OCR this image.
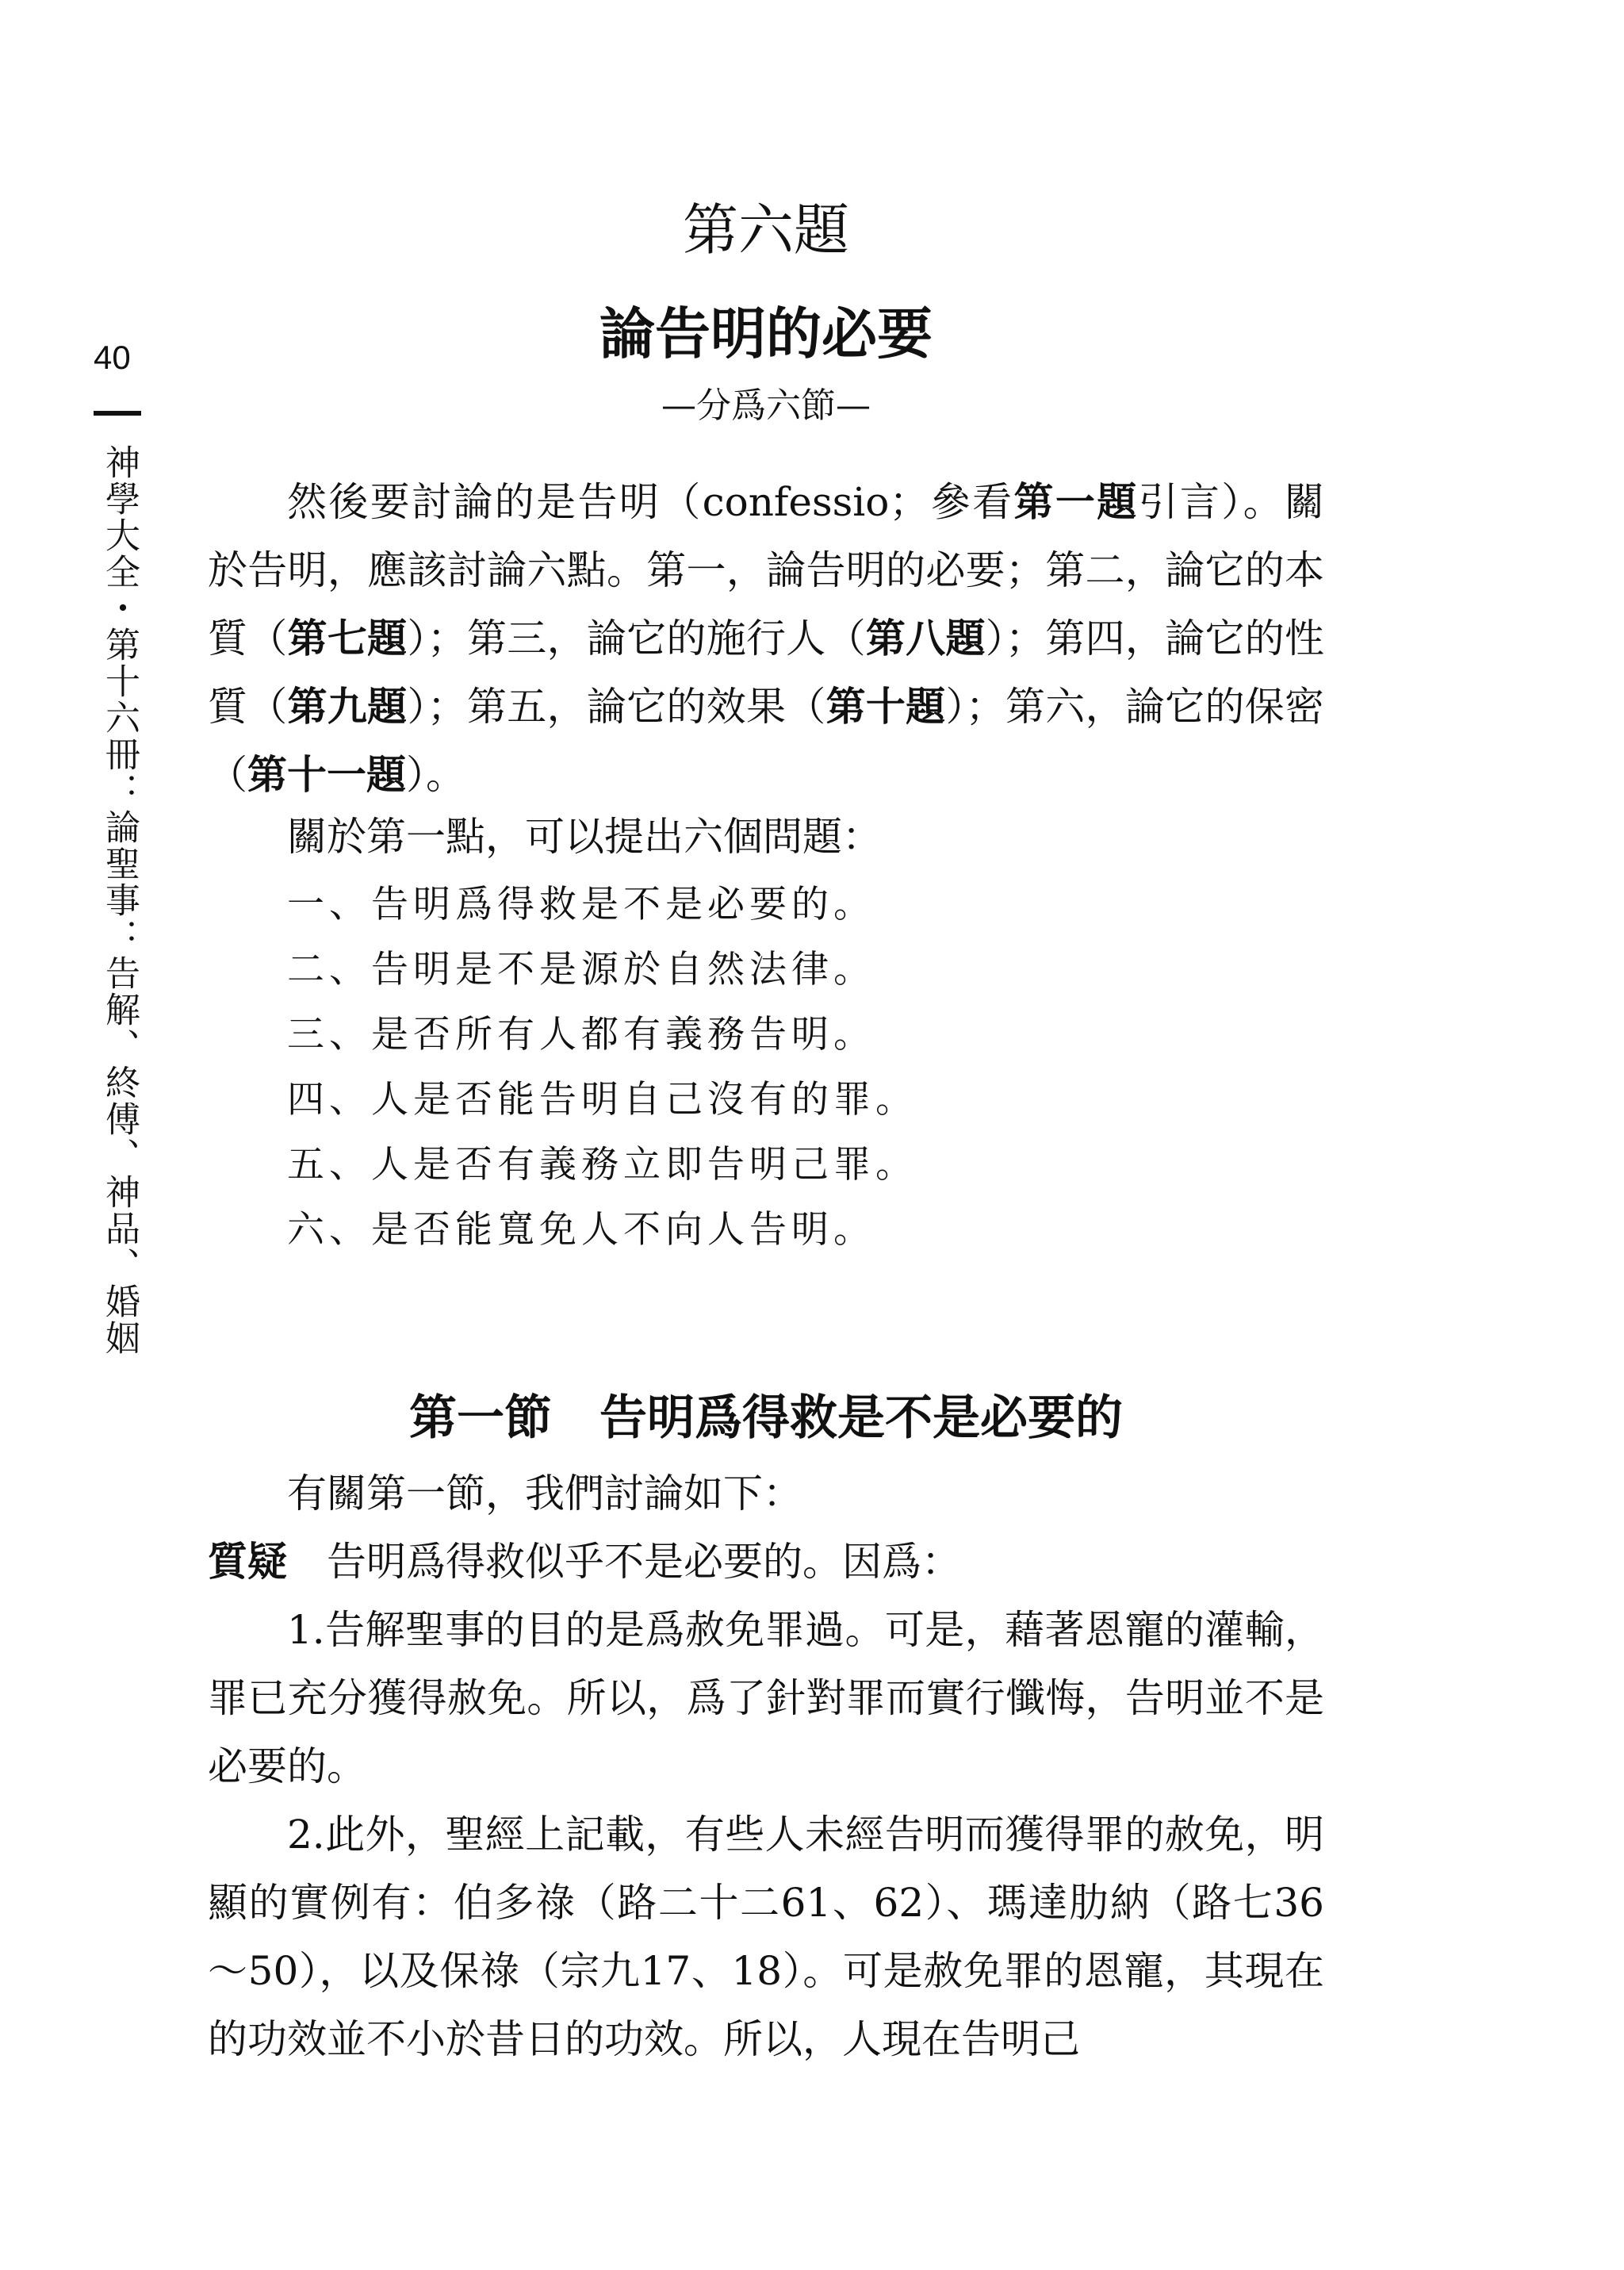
40
神學大全・第十六冊：論聖事：告解、終傅、神品、婚姻
第六題
論告明的必要
—分爲六節—

然後要討論的是告明（confessio；參看第一題引言）。關於告明，應該討論六點。第一，論告明的必要；第二，論它的本質（第七題）；第三，論它的施行人（第八題）；第四，論它的性質（第九題）；第五，論它的效果（第十題）；第六，論它的保密（第十一題）。

關於第一點，可以提出六個問題：

一、告明爲得救是不是必要的。
二、告明是不是源於自然法律。
三、是否所有人都有義務告明。
四、人是否能告明自己沒有的罪。
五、人是否有義務立即告明己罪。
六、是否能寬免人不向人告明。
第一節　告明爲得救是不是必要的

有關第一節，我們討論如下：

質疑　 告明爲得救似乎不是必要的。因爲：

1.告解聖事的目的是爲赦免罪過。可是，藉著恩寵的灌輸，罪已充分獲得赦免。所以，爲了針對罪而實行懺悔，告明並不是必要的。

2.此外，聖經上記載，有些人未經告明而獲得罪的赦免，明顯的實例有：伯多祿（路二十二61、62）、瑪達肋納（路七36～50），以及保祿（宗九17、18）。可是赦免罪的恩寵，其現在的功效並不小於昔日的功效。所以，人現在告明己
